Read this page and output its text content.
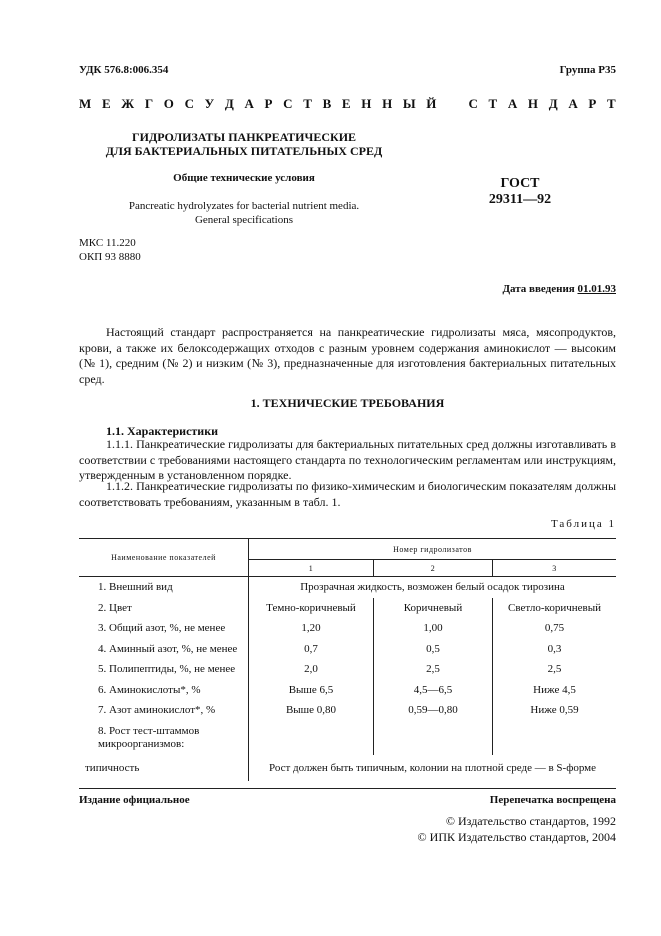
УДК 576.8:006.354	Группа Р35
М Е Ж Г О С У Д А Р С Т В Е Н Н Ы Й С Т А Н Д А Р Т
ГИДРОЛИЗАТЫ ПАНКРЕАТИЧЕСКИЕ
ДЛЯ БАКТЕРИАЛЬНЫХ ПИТАТЕЛЬНЫХ СРЕД
Общие технические условия
Pancreatic hydrolyzates for bacterial nutrient media.
General specifications
ГОСТ
29311—92
МКС 11.220
ОКП 93 8880
Дата введения 01.01.93
Настоящий стандарт распространяется на панкреатические гидролизаты мяса, мясопродуктов, крови, а также их белоксодержащих отходов с разным уровнем содержания аминокислот — высоким (№ 1), средним (№ 2) и низким (№ 3), предназначенные для изготовления бактериальных питательных сред.
1. ТЕХНИЧЕСКИЕ ТРЕБОВАНИЯ
1.1. Характеристики
1.1.1. Панкреатические гидролизаты для бактериальных питательных сред должны изготавливать в соответствии с требованиями настоящего стандарта по технологическим регламентам или инструкциям, утвержденным в установленном порядке.
1.1.2. Панкреатические гидролизаты по физико-химическим и биологическим показателям должны соответствовать требованиям, указанным в табл. 1.
Таблица 1
Наименование показателей	Номер гидролизатов		
	1	2	3
1. Внешний вид	Прозрачная жидкость, возможен белый осадок тирозина		
2. Цвет	Темно-коричневый	Коричневый	Светло-коричневый
3. Общий азот, %, не менее	1,20	1,00	0,75
4. Аминный азот, %, не менее	0,7	0,5	0,3
5. Полипептиды, %, не менее	2,0	2,5	2,5
6. Аминокислоты*, %	Выше 6,5	4,5—6,5	Ниже 4,5
7. Азот аминокислот*, %	Выше 0,80	0,59—0,80	Ниже 0,59
8. Рост тест-штаммов микроорганизмов:			
типичность	Рост должен быть типичным, колонии на плотной среде — в S-форме		
Издание официальное	Перепечатка воспрещена
© Издательство стандартов, 1992
© ИПК Издательство стандартов, 2004
